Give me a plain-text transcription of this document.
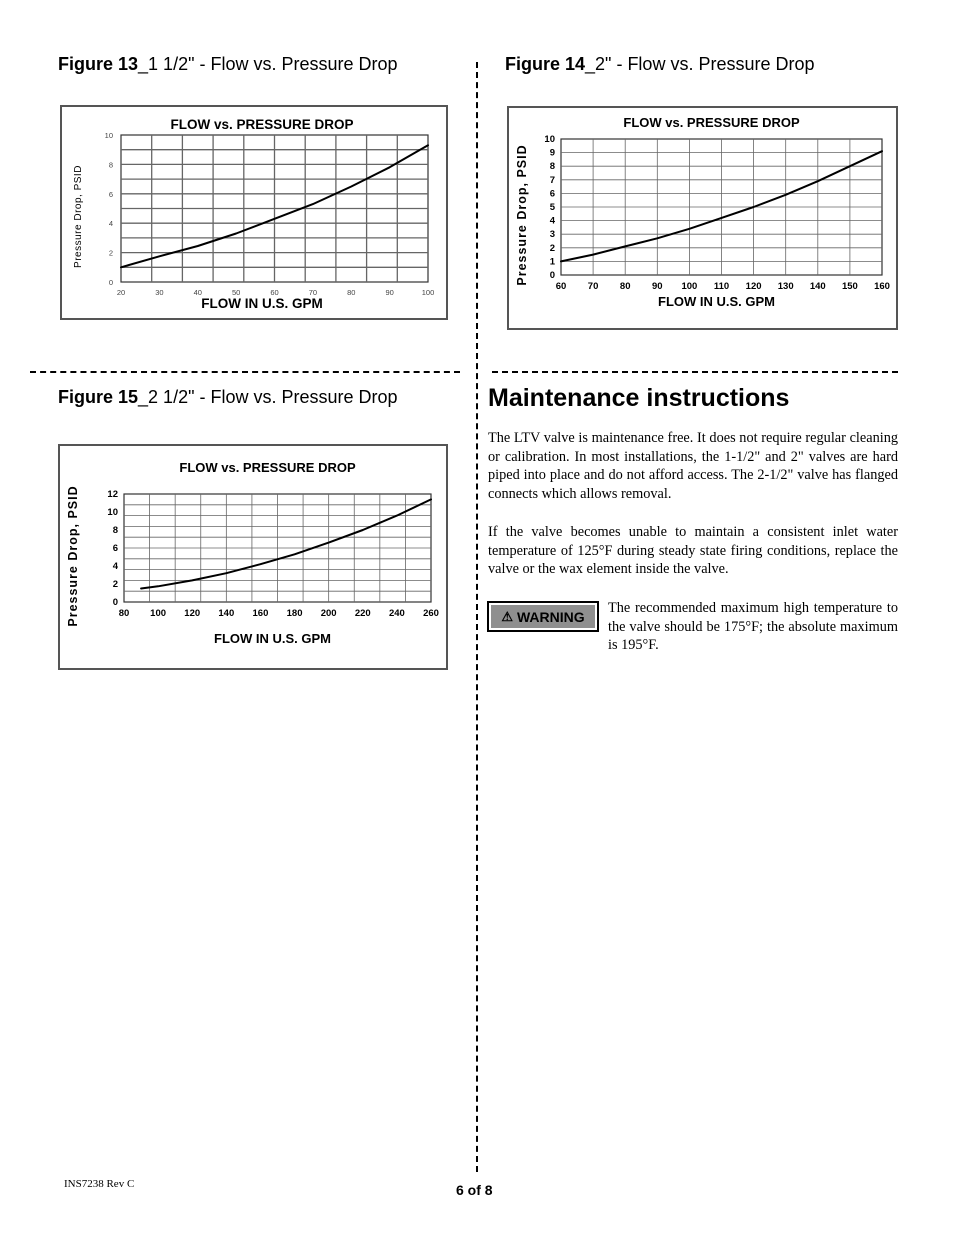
Figure 13_1 1/2" - Flow vs. Pressure Drop
20	30	40	50	60	70	80	90	100
0
2
4
6
8
10
FLOW vs. PRESSURE DROP
FLOW IN U.S. GPM
Pressure Drop, PSID
Figure 14_2" - Flow vs. Pressure Drop
60 70 80 90 100 110 120 130 140 150 160
0
1
2
3
4
5
6
7
8
9
10
FLOW vs. PRESSURE DROP
FLOW IN U.S. GPM
Pressure Drop, PSID
Figure 15_2 1/2" - Flow vs. Pressure Drop
80 100 120 140 160 180 200 220 240 260
0
2
4
6
8
10
12
FLOW vs. PRESSURE DROP
FLOW IN U.S. GPM
Pressure Drop, PSID
Maintenance instructions
The LTV valve is maintenance free. It does not require regular cleaning or calibration. In most installations, the 1-1/2" and 2" valves are hard piped into place and do not afford access. The 2-1/2" valve has flanged connects which allows removal.
If the valve becomes unable to maintain a consistent inlet water temperature of 125°F during steady state firing conditions, replace the valve or the wax element inside the valve.
⚠ WARNING
The recommended maximum high temperature to the valve should be 175°F; the absolute maximum is 195°F.
INS7238 Rev C	6 of 8
